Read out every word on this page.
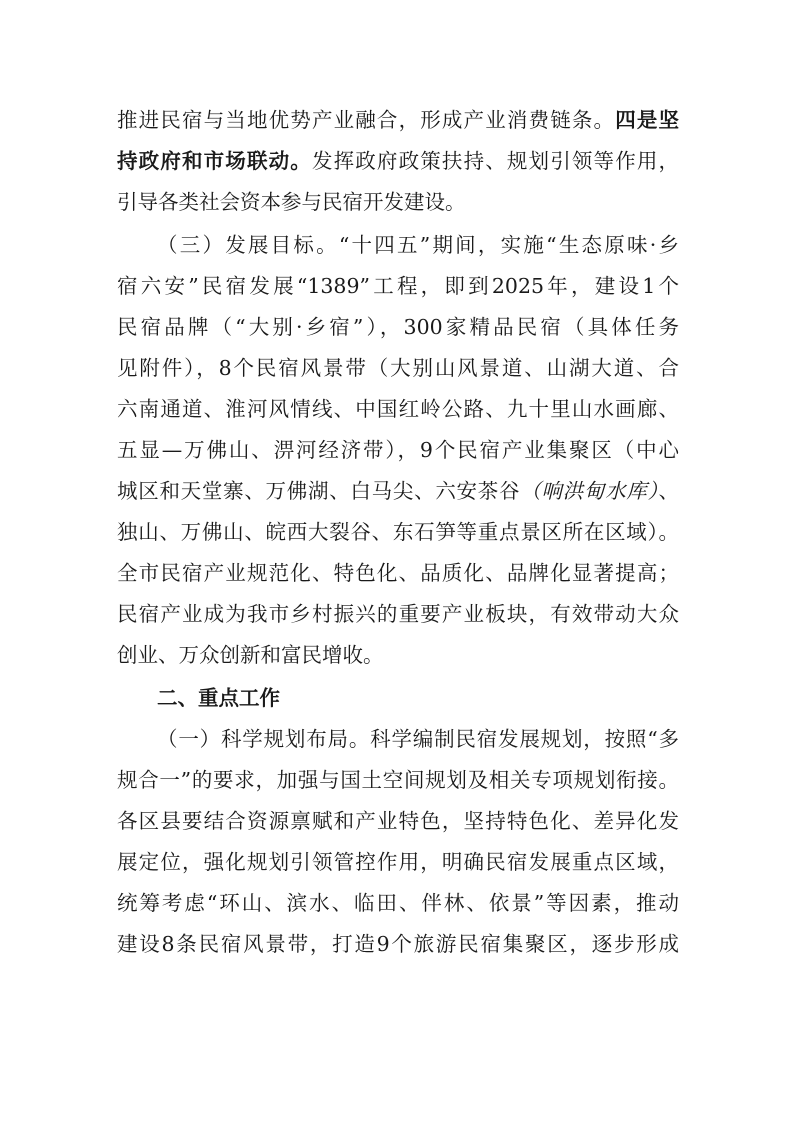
推进民宿与当地优势产业融合，形成产业消费链条。四是坚
持政府和市场联动。发挥政府政策扶持、规划引领等作用，
引导各类社会资本参与民宿开发建设。
（三）发展目标。“十四五”期间，实施“生态原味·乡
宿六安”民宿发展“1389”工程，即到2025年，建设1个
民宿品牌（“大别·乡宿”），300家精品民宿（具体任务
见附件），8个民宿风景带（大别山风景道、山湖大道、合
六南通道、淮河风情线、中国红岭公路、九十里山水画廊、
五显—万佛山、淠河经济带），9个民宿产业集聚区（中心
城区和天堂寨、万佛湖、白马尖、六安茶谷（响洪甸水库）、
独山、万佛山、皖西大裂谷、东石笋等重点景区所在区域）。
全市民宿产业规范化、特色化、品质化、品牌化显著提高；
民宿产业成为我市乡村振兴的重要产业板块，有效带动大众
创业、万众创新和富民增收。
二、重点工作
（一）科学规划布局。科学编制民宿发展规划，按照“多
规合一”的要求，加强与国土空间规划及相关专项规划衔接。
各区县要结合资源禀赋和产业特色，坚持特色化、差异化发
展定位，强化规划引领管控作用，明确民宿发展重点区域，
统筹考虑“环山、滨水、临田、伴林、依景”等因素，推动
建设8条民宿风景带，打造9个旅游民宿集聚区，逐步形成
